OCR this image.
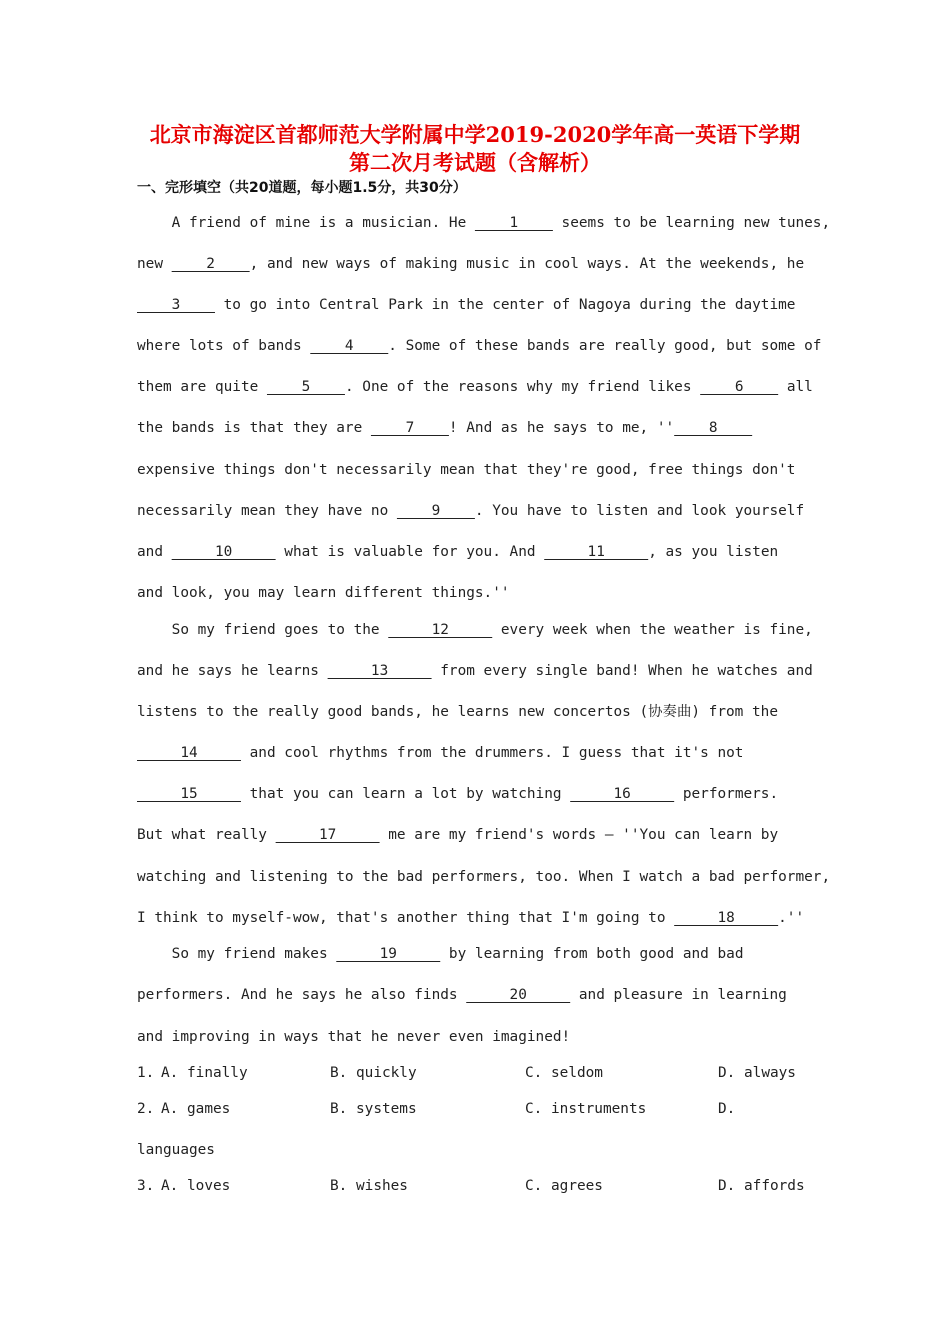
北京市海淀区首都师范大学附属中学2019-2020学年高一英语下学期
第二次月考试题（含解析）
一、完形填空（共20道题，每小题1.5分，共30分）
A friend of mine is a musician. He     1     seems to be learning new tunes,
new     2    , and new ways of making music in cool ways. At the weekends, he
3     to go into Central Park in the center of Nagoya during the daytime
where lots of bands     4    . Some of these bands are really good, but some of
them are quite     5    . One of the reasons why my friend likes     6     all
the bands is that they are     7    ! And as he says to me, ''    8
expensive things don't necessarily mean that they're good, free things don't
necessarily mean they have no     9    . You have to listen and look yourself
and      10      what is valuable for you. And      11     , as you listen
and look, you may learn different things.''
So my friend goes to the      12      every week when the weather is fine,
and he says he learns      13      from every single band! When he watches and
listens to the really good bands, he learns new concertos (协奏曲) from the
14      and cool rhythms from the drummers. I guess that it's not
15      that you can learn a lot by watching      16      performers.
But what really      17      me are my friend's words — ''You can learn by
watching and listening to the bad performers, too. When I watch a bad performer,
I think to myself-wow, that's another thing that I'm going to      18     .''
So my friend makes      19      by learning from both good and bad
performers. And he says he also finds      20      and pleasure in learning
and improving in ways that he never even imagined!
1. A. finally	B. quickly	C. seldom	D. always
2. A. games	B. systems	C. instruments	D.
languages
3. A. loves	B. wishes	C. agrees	D. affords
